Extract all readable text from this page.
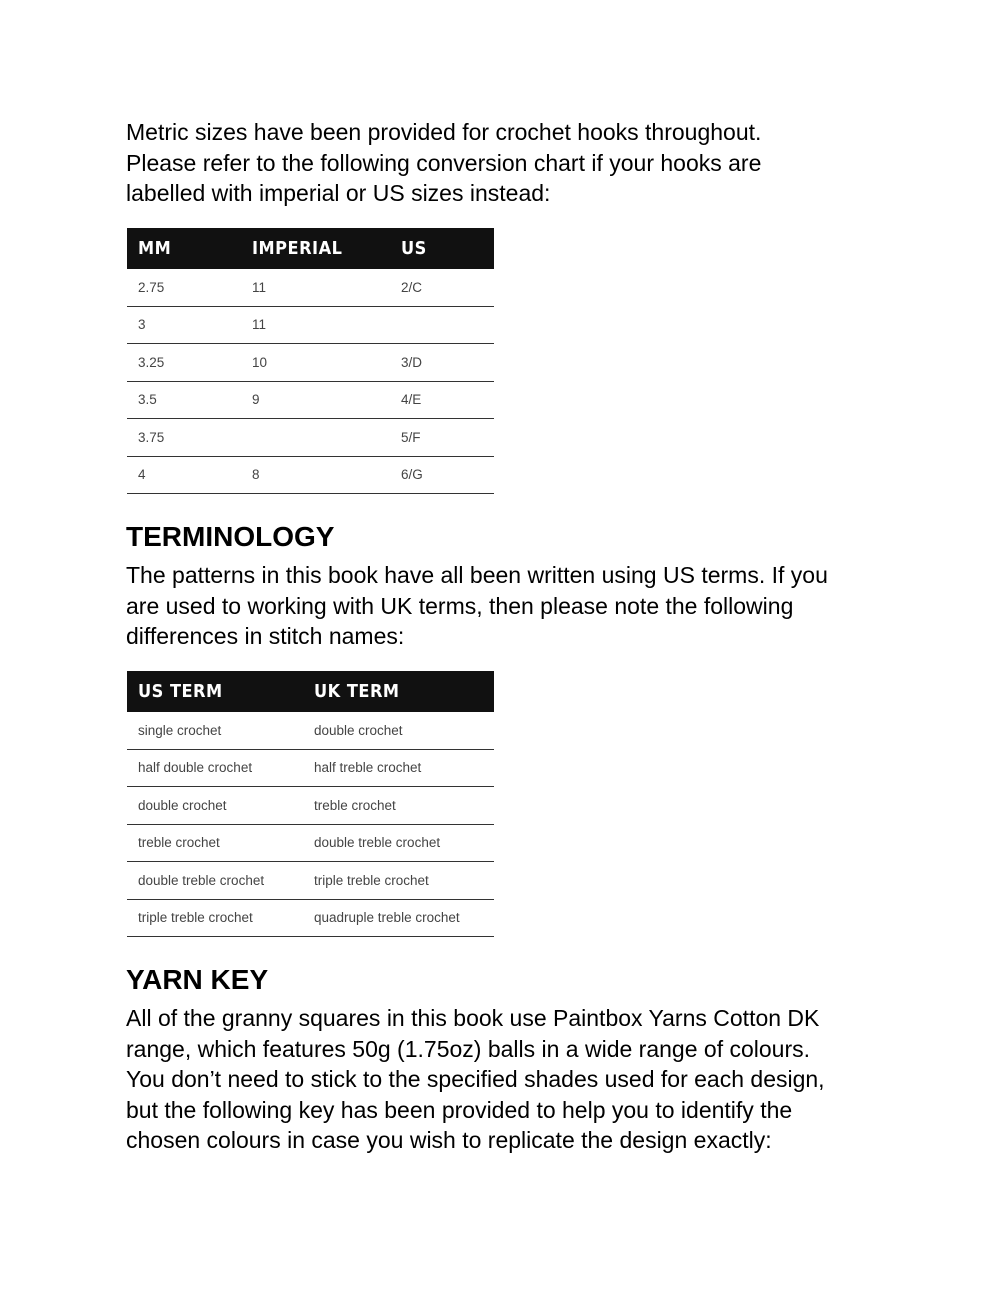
Metric sizes have been provided for crochet hooks throughout.

Please refer to the following conversion chart if your hooks are

labelled with imperial or US sizes instead:

MM	IMPERIAL	US
2.75	11	2/C
3	11	
3.25	10	3/D
3.5	9	4/E
3.75		5/F
4	8	6/G
TERMINOLOGY

The patterns in this book have all been written using US terms. If you

are used to working with UK terms, then please note the following

differences in stitch names:

US TERM	UK TERM
single crochet	double crochet
half double crochet	half treble crochet
double crochet	treble crochet
treble crochet	double treble crochet
double treble crochet	triple treble crochet
triple treble crochet	quadruple treble crochet
YARN KEY

All of the granny squares in this book use Paintbox Yarns Cotton DK

range, which features 50g (1.75oz) balls in a wide range of colours.

You don’t need to stick to the specified shades used for each design,

but the following key has been provided to help you to identify the

chosen colours in case you wish to replicate the design exactly:
